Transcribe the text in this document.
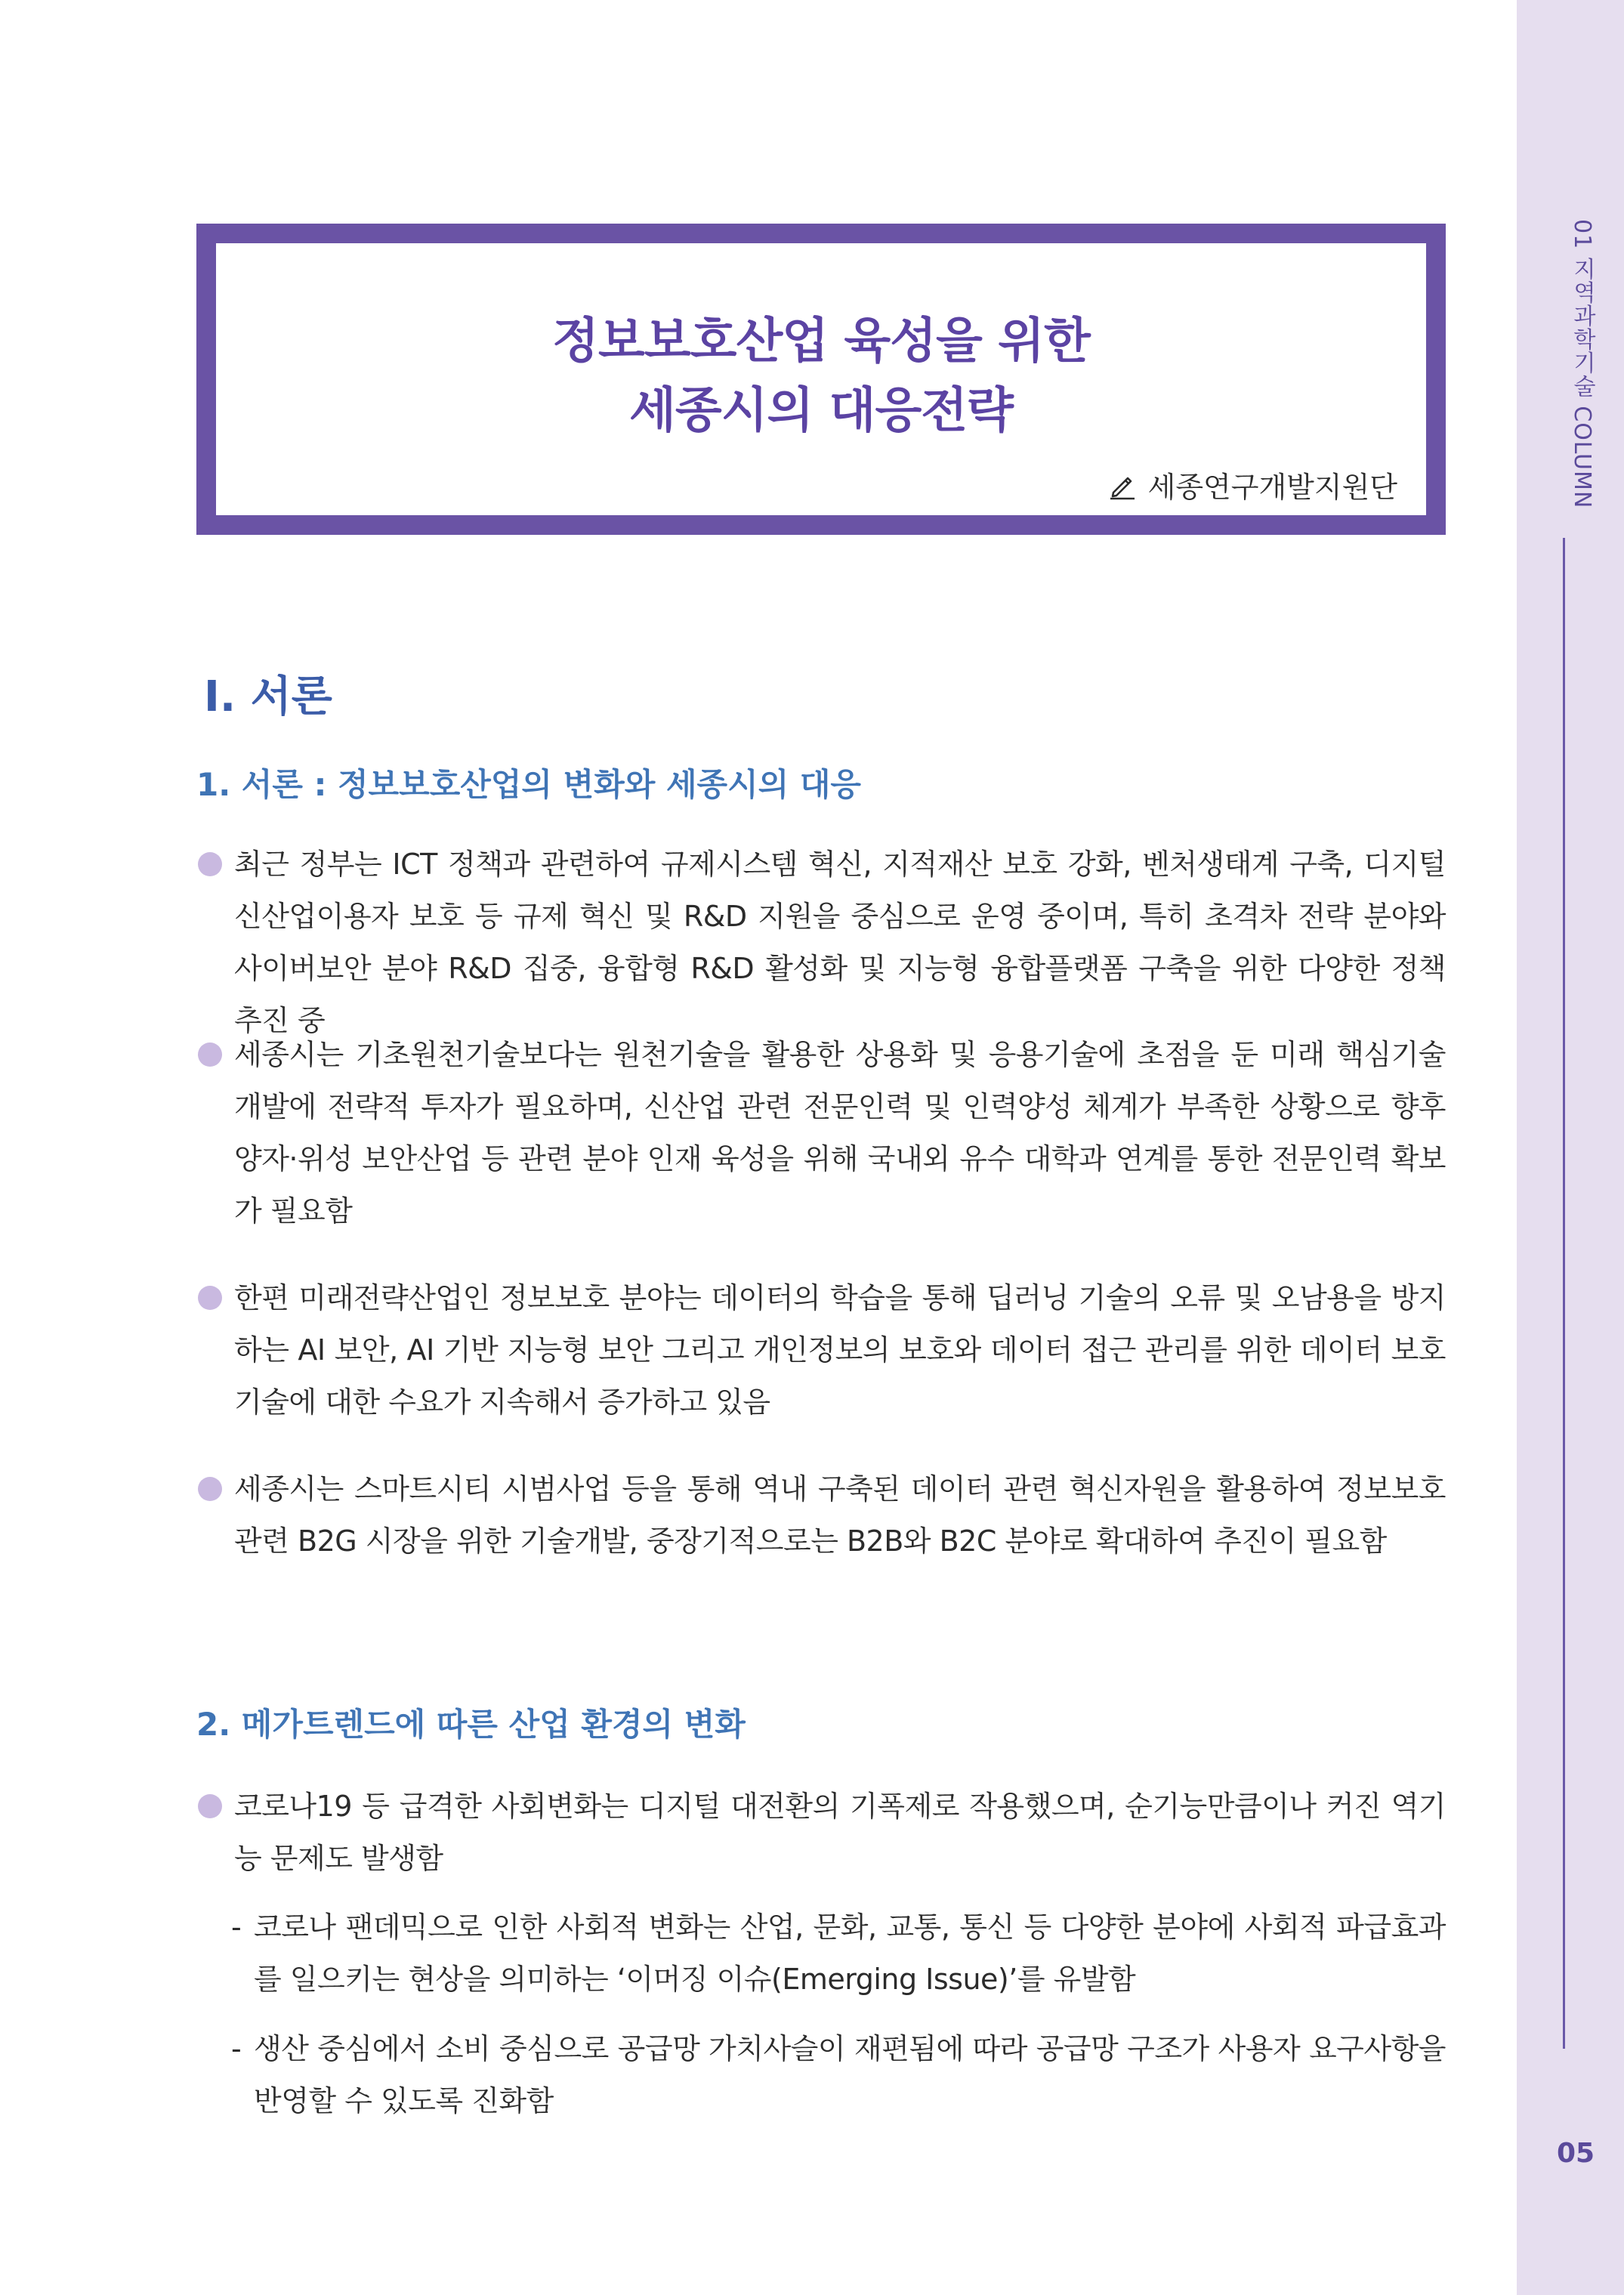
01 지역과학기술 COLUMN
05
정보보호산업 육성을 위한
세종시의 대응전략
세종연구개발지원단
Ⅰ. 서론
1. 서론 : 정보보호산업의 변화와 세종시의 대응
최근 정부는 ICT 정책과 관련하여 규제시스템 혁신, 지적재산 보호 강화, 벤처생태계 구축, 디지털 신산업이용자 보호 등 규제 혁신 및 R&D 지원을 중심으로 운영 중이며, 특히 초격차 전략 분야와 사이버보안 분야 R&D 집중, 융합형 R&D 활성화 및 지능형 융합플랫폼 구축을 위한 다양한 정책 추진 중
세종시는 기초원천기술보다는 원천기술을 활용한 상용화 및 응용기술에 초점을 둔 미래 핵심기술 개발에 전략적 투자가 필요하며, 신산업 관련 전문인력 및 인력양성 체계가 부족한 상황으로 향후 양자·위성 보안산업 등 관련 분야 인재 육성을 위해 국내외 유수 대학과 연계를 통한 전문인력 확보가 필요함
한편 미래전략산업인 정보보호 분야는 데이터의 학습을 통해 딥러닝 기술의 오류 및 오남용을 방지하는 AI 보안, AI 기반 지능형 보안 그리고 개인정보의 보호와 데이터 접근 관리를 위한 데이터 보호 기술에 대한 수요가 지속해서 증가하고 있음
세종시는 스마트시티 시범사업 등을 통해 역내 구축된 데이터 관련 혁신자원을 활용하여 정보보호 관련 B2G 시장을 위한 기술개발, 중장기적으로는 B2B와 B2C 분야로 확대하여 추진이 필요함
2. 메가트렌드에 따른 산업 환경의 변화
코로나19 등 급격한 사회변화는 디지털 대전환의 기폭제로 작용했으며, 순기능만큼이나 커진 역기능 문제도 발생함
- 코로나 팬데믹으로 인한 사회적 변화는 산업, 문화, 교통, 통신 등 다양한 분야에 사회적 파급효과를 일으키는 현상을 의미하는 ‘이머징 이슈(Emerging Issue)’를 유발함
- 생산 중심에서 소비 중심으로 공급망 가치사슬이 재편됨에 따라 공급망 구조가 사용자 요구사항을 반영할 수 있도록 진화함
